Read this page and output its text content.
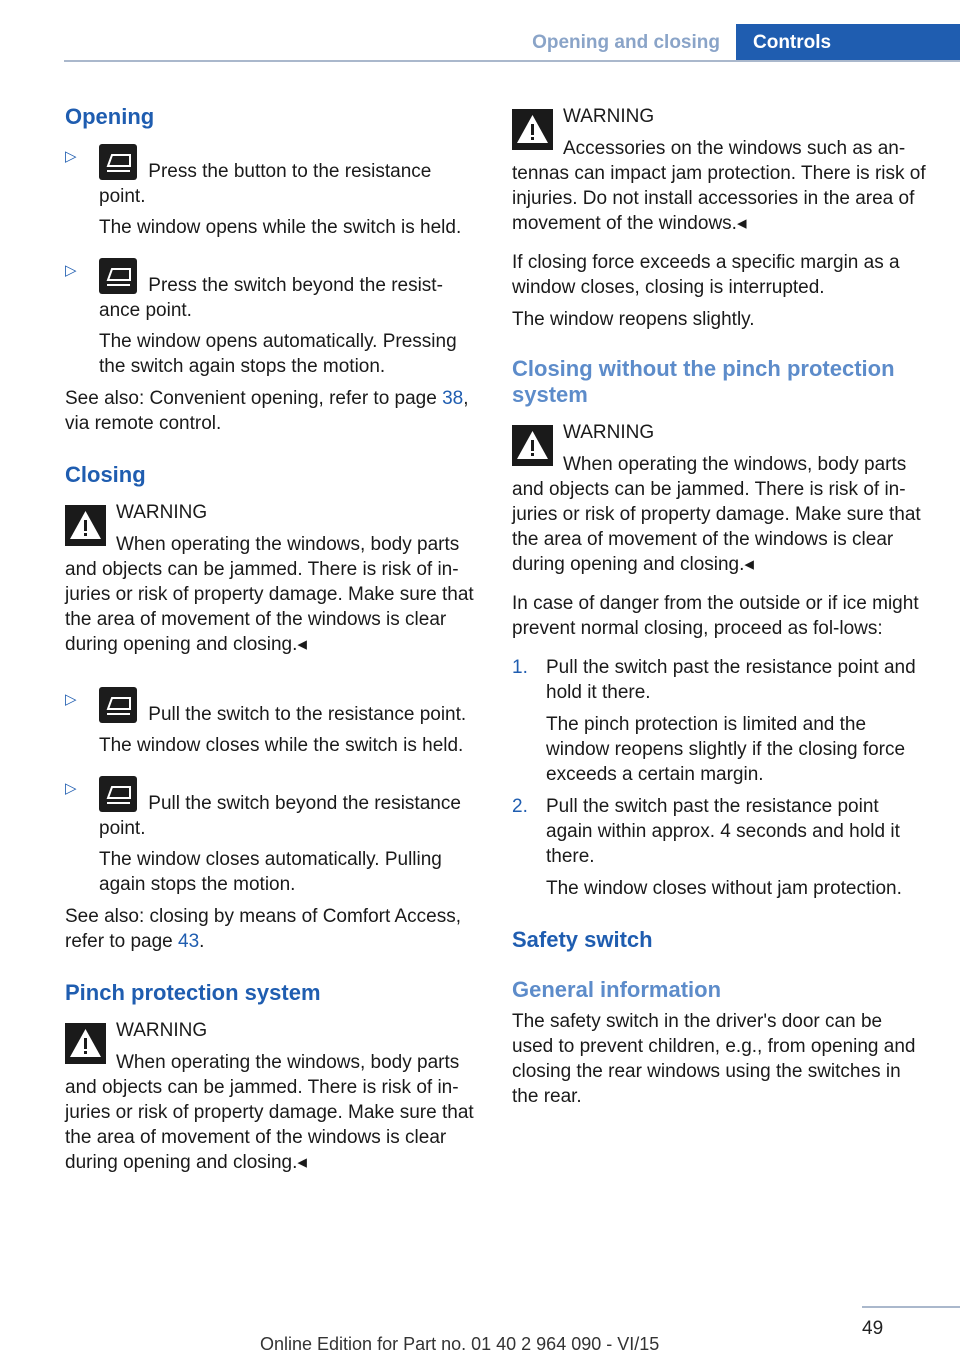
Opening and closing Controls
Opening
▷

Press the button to the resistance point.

The window opens while the switch is held.

▷

Press the switch beyond the resist-ance point.

The window opens automatically. Pressing the switch again stops the motion.

See also: Convenient opening, refer to page 38, via remote control.

Closing
WARNING

When operating the windows, body parts and objects can be jammed. There is risk of in-juries or risk of property damage. Make sure that the area of movement of the windows is clear during opening and closing.◂

▷

Pull the switch to the resistance point.

The window closes while the switch is held.

▷

Pull the switch beyond the resistance point.

The window closes automatically. Pulling again stops the motion.

See also: closing by means of Comfort Access, refer to page 43.

Pinch protection system
WARNING

When operating the windows, body parts and objects can be jammed. There is risk of in-juries or risk of property damage. Make sure that the area of movement of the windows is clear during opening and closing.◂

WARNING

Accessories on the windows such as an-tennas can impact jam protection. There is risk of injuries. Do not install accessories in the area of movement of the windows.◂

If closing force exceeds a specific margin as a window closes, closing is interrupted.

The window reopens slightly.

Closing without the pinch protection system
WARNING

When operating the windows, body parts and objects can be jammed. There is risk of in-juries or risk of property damage. Make sure that the area of movement of the windows is clear during opening and closing.◂

In case of danger from the outside or if ice might prevent normal closing, proceed as fol-lows:

1. Pull the switch past the resistance point and hold it there.

The pinch protection is limited and the window reopens slightly if the closing force exceeds a certain margin.

2. Pull the switch past the resistance point again within approx. 4 seconds and hold it there.

The window closes without jam protection.

Safety switch
General information

The safety switch in the driver's door can be used to prevent children, e.g., from opening and closing the rear windows using the switches in the rear.

49
Online Edition for Part no. 01 40 2 964 090 - VI/15
